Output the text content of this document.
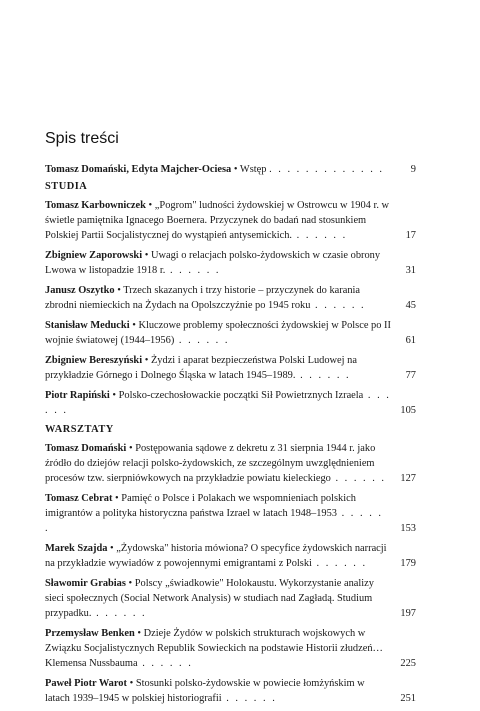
Spis treści
Tomasz Domański, Edyta Majcher-Ociesa • Wstęp . . . . . . . . . . . . .	9
STUDIA
Tomasz Karbowniczek • „Pogrom" ludności żydowskiej w Ostrowcu w 1904 r. w świetle pamiętnika Ignacego Boernera. Przyczynek do badań nad stosunkiem Polskiej Partii Socjalistycznej do wystąpień antysemickich. . . . . . .	17
Zbigniew Zaporowski • Uwagi o relacjach polsko-żydowskich w czasie obrony Lwowa w listopadzie 1918 r. . . . . . .	31
Janusz Oszytko • Trzech skazanych i trzy historie – przyczynek do karania zbrodni niemieckich na Żydach na Opolszczyźnie po 1945 roku . . . . . .	45
Stanisław Meducki • Kluczowe problemy społeczności żydowskiej w Polsce po II wojnie światowej (1944–1956) . . . . . .	61
Zbigniew Bereszyński • Żydzi i aparat bezpieczeństwa Polski Ludowej na przykładzie Górnego i Dolnego Śląska w latach 1945–1989. . . . . . .	77
Piotr Rapiński • Polsko-czechosłowackie początki Sił Powietrznych Izraela . . . . . .	105
WARSZTATY
Tomasz Domański • Postępowania sądowe z dekretu z 31 sierpnia 1944 r. jako źródło do dziejów relacji polsko-żydowskich, ze szczególnym uwzględnieniem procesów tzw. sierpniówkowych na przykładzie powiatu kieleckiego . . . . . . 127
Tomasz Cebrat • Pamięć o Polsce i Polakach we wspomnieniach polskich imigrantów a polityka historyczna państwa Izrael w latach 1948–1953 . . . . . .	153
Marek Szajda • „Żydowska" historia mówiona? O specyfice żydowskich narracji na przykładzie wywiadów z powojennymi emigrantami z Polski . . . . . .	179
Sławomir Grabias • Polscy „świadkowie" Holokaustu. Wykorzystanie analizy sieci społecznych (Social Network Analysis) w studiach nad Zagładą. Studium przypadku. . . . . . .	197
Przemysław Benken • Dzieje Żydów w polskich strukturach wojskowych w Związku Socjalistycznych Republik Sowieckich na podstawie Historii złudzeń… Klemensa Nussbauma . . . . . .	225
Paweł Piotr Warot • Stosunki polsko-żydowskie w powiecie łomżyńskim w latach 1939–1945 w polskiej historiografii . . . . . .	251
